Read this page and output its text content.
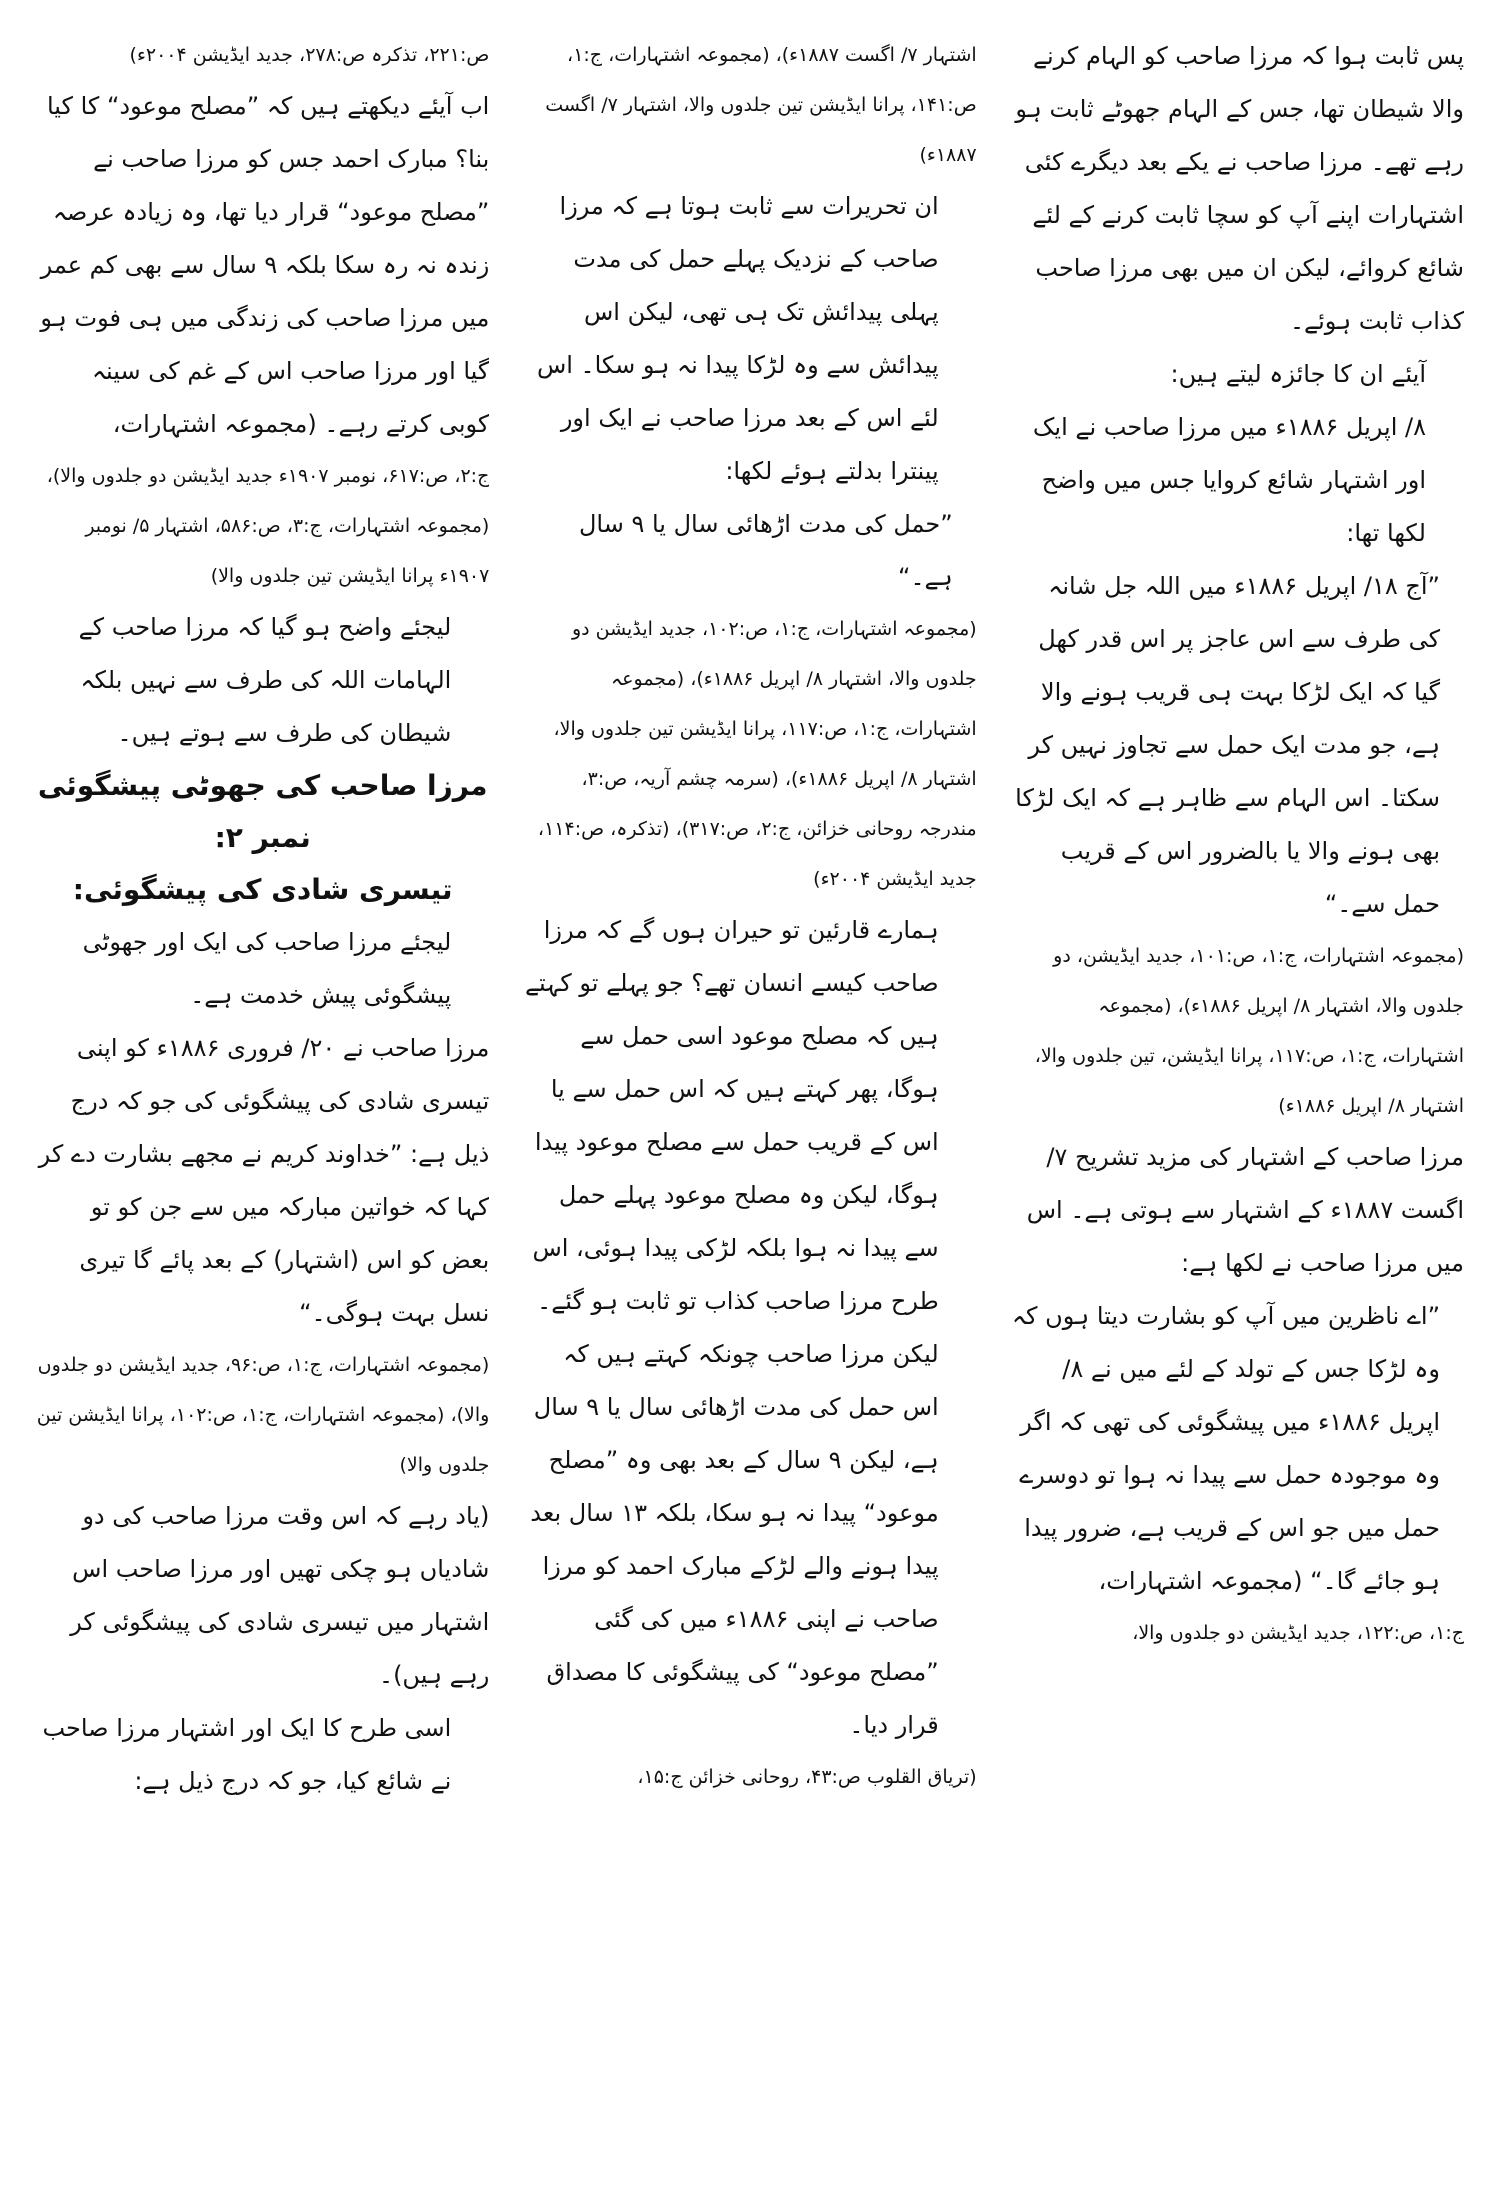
پس ثابت ہوا کہ مرزا صاحب کو الہام کرنے والا شیطان تھا، جس کے الہام جھوٹے ثابت ہو رہے تھے۔ مرزا صاحب نے یکے بعد دیگرے کئی اشتہارات اپنے آپ کو سچا ثابت کرنے کے لئے شائع کروائے، لیکن ان میں بھی مرزا صاحب کذاب ثابت ہوئے۔

آیئے ان کا جائزہ لیتے ہیں:

۸/ اپریل ۱۸۸۶ء میں مرزا صاحب نے ایک اور اشتہار شائع کروایا جس میں واضح لکھا تھا:

”آج ۱۸/ اپریل ۱۸۸۶ء میں اللہ جل شانہ کی طرف سے اس عاجز پر اس قدر کھل گیا کہ ایک لڑکا بہت ہی قریب ہونے والا ہے، جو مدت ایک حمل سے تجاوز نہیں کر سکتا۔ اس الہام سے ظاہر ہے کہ ایک لڑکا بھی ہونے والا یا بالضرور اس کے قریب حمل سے۔“

(مجموعہ اشتہارات، ج:۱، ص:۱۰۱، جدید ایڈیشن، دو جلدوں والا، اشتہار ۸/ اپریل ۱۸۸۶ء)، (مجموعہ اشتہارات، ج:۱، ص:۱۱۷، پرانا ایڈیشن، تین جلدوں والا، اشتہار ۸/ اپریل ۱۸۸۶ء)

مرزا صاحب کے اشتہار کی مزید تشریح ۷/ اگست ۱۸۸۷ء کے اشتہار سے ہوتی ہے۔ اس میں مرزا صاحب نے لکھا ہے:

”اے ناظرین میں آپ کو بشارت دیتا ہوں کہ وہ لڑکا جس کے تولد کے لئے میں نے ۸/ اپریل ۱۸۸۶ء میں پیشگوئی کی تھی کہ اگر وہ موجودہ حمل سے پیدا نہ ہوا تو دوسرے حمل میں جو اس کے قریب ہے، ضرور پیدا ہو جائے گا۔“ (مجموعہ اشتہارات،

ج:۱، ص:۱۲۲، جدید ایڈیشن دو جلدوں والا،

اشتہار ۷/ اگست ۱۸۸۷ء)، (مجموعہ اشتہارات، ج:۱، ص:۱۴۱، پرانا ایڈیشن تین جلدوں والا، اشتہار ۷/ اگست ۱۸۸۷ء)

ان تحریرات سے ثابت ہوتا ہے کہ مرزا صاحب کے نزدیک پہلے حمل کی مدت پہلی پیدائش تک ہی تھی، لیکن اس پیدائش سے وہ لڑکا پیدا نہ ہو سکا۔ اس لئے اس کے بعد مرزا صاحب نے ایک اور پینترا بدلتے ہوئے لکھا:

”حمل کی مدت اڑھائی سال یا ۹ سال ہے۔“

(مجموعہ اشتہارات، ج:۱، ص:۱۰۲، جدید ایڈیشن دو جلدوں والا، اشتہار ۸/ اپریل ۱۸۸۶ء)، (مجموعہ اشتہارات، ج:۱، ص:۱۱۷، پرانا ایڈیشن تین جلدوں والا، اشتہار ۸/ اپریل ۱۸۸۶ء)، (سرمہ چشم آریہ، ص:۳، مندرجہ روحانی خزائن، ج:۲، ص:۳۱۷)، (تذکرہ، ص:۱۱۴، جدید ایڈیشن ۲۰۰۴ء)

ہمارے قارئین تو حیران ہوں گے کہ مرزا صاحب کیسے انسان تھے؟ جو پہلے تو کہتے ہیں کہ مصلح موعود اسی حمل سے ہوگا، پھر کہتے ہیں کہ اس حمل سے یا اس کے قریب حمل سے مصلح موعود پیدا ہوگا، لیکن وہ مصلح موعود پہلے حمل سے پیدا نہ ہوا بلکہ لڑکی پیدا ہوئی، اس طرح مرزا صاحب کذاب تو ثابت ہو گئے۔

لیکن مرزا صاحب چونکہ کہتے ہیں کہ اس حمل کی مدت اڑھائی سال یا ۹ سال ہے، لیکن ۹ سال کے بعد بھی وہ ”مصلح موعود“ پیدا نہ ہو سکا، بلکہ ۱۳ سال بعد پیدا ہونے والے لڑکے مبارک احمد کو مرزا صاحب نے اپنی ۱۸۸۶ء میں کی گئی ”مصلح موعود“ کی پیشگوئی کا مصداق قرار دیا۔

(تریاق القلوب ص:۴۳، روحانی خزائن ج:۱۵،

ص:۲۲۱، تذکرہ ص:۲۷۸، جدید ایڈیشن ۲۰۰۴ء)

اب آیئے دیکھتے ہیں کہ ”مصلح موعود“ کا کیا بنا؟ مبارک احمد جس کو مرزا صاحب نے ”مصلح موعود“ قرار دیا تھا، وہ زیادہ عرصہ زندہ نہ رہ سکا بلکہ ۹ سال سے بھی کم عمر میں مرزا صاحب کی زندگی میں ہی فوت ہو گیا اور مرزا صاحب اس کے غم کی سینہ کوبی کرتے رہے۔ (مجموعہ اشتہارات،

ج:۲، ص:۶۱۷، نومبر ۱۹۰۷ء جدید ایڈیشن دو جلدوں والا)، (مجموعہ اشتہارات، ج:۳، ص:۵۸۶، اشتہار ۵/ نومبر ۱۹۰۷ء پرانا ایڈیشن تین جلدوں والا)

لیجئے واضح ہو گیا کہ مرزا صاحب کے الہامات اللہ کی طرف سے نہیں بلکہ شیطان کی طرف سے ہوتے ہیں۔

مرزا صاحب کی جھوٹی پیشگوئی نمبر ۲:

تیسری شادی کی پیشگوئی:

لیجئے مرزا صاحب کی ایک اور جھوٹی پیشگوئی پیش خدمت ہے۔

مرزا صاحب نے ۲۰/ فروری ۱۸۸۶ء کو اپنی تیسری شادی کی پیشگوئی کی جو کہ درج ذیل ہے: ”خداوند کریم نے مجھے بشارت دے کر کہا کہ خواتین مبارکہ میں سے جن کو تو بعض کو اس (اشتہار) کے بعد پائے گا تیری نسل بہت ہوگی۔“

(مجموعہ اشتہارات، ج:۱، ص:۹۶، جدید ایڈیشن دو جلدوں والا)، (مجموعہ اشتہارات، ج:۱، ص:۱۰۲، پرانا ایڈیشن تین جلدوں والا)

(یاد رہے کہ اس وقت مرزا صاحب کی دو شادیاں ہو چکی تھیں اور مرزا صاحب اس اشتہار میں تیسری شادی کی پیشگوئی کر رہے ہیں)۔

اسی طرح کا ایک اور اشتہار مرزا صاحب نے شائع کیا، جو کہ درج ذیل ہے:
